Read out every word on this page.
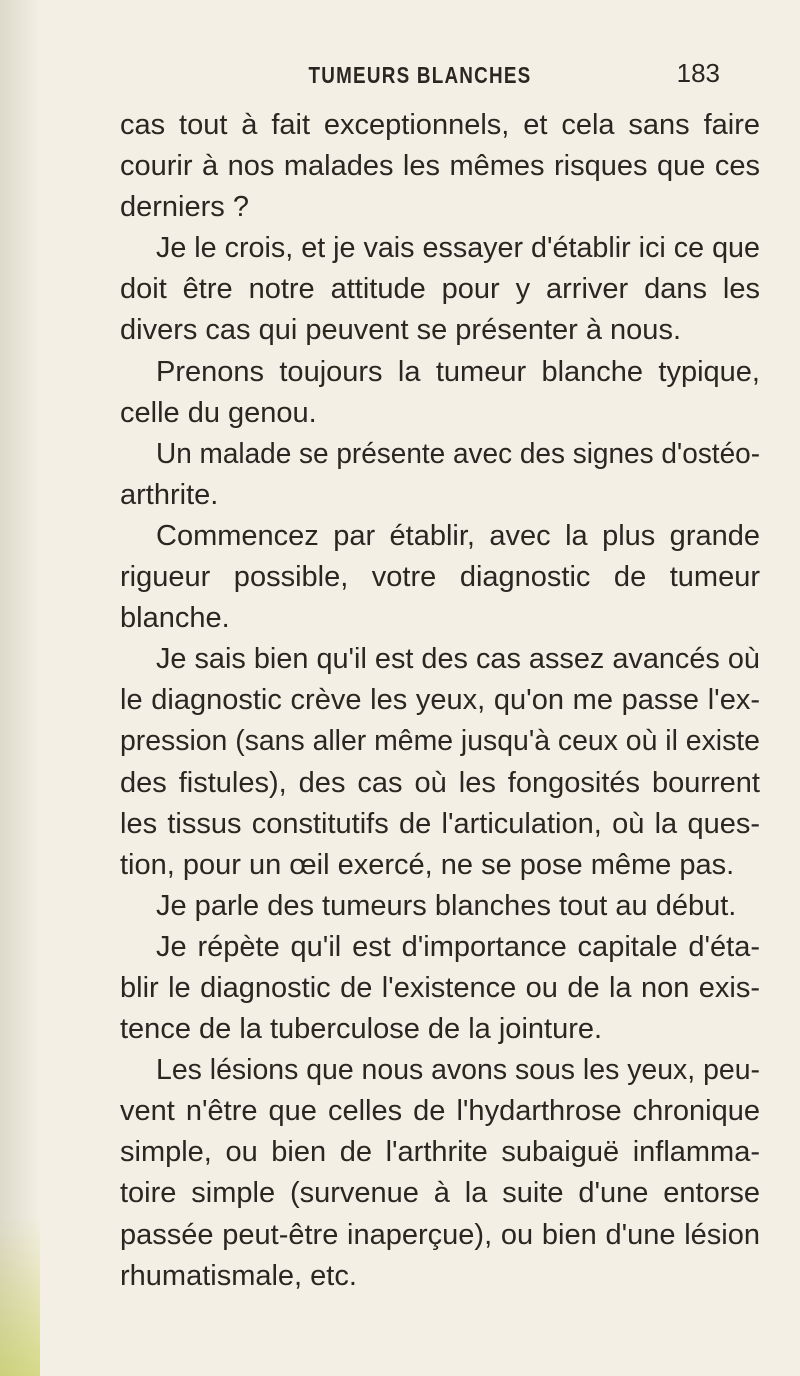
TUMEURS BLANCHES	183
cas tout à fait exceptionnels, et cela sans faire
courir à nos malades les mêmes risques que ces
derniers ?
Je le crois, et je vais essayer d'établir ici ce que
doit être notre attitude pour y arriver dans les
divers cas qui peuvent se présenter à nous.
Prenons toujours la tumeur blanche typique,
celle du genou.
Un malade se présente avec des signes d'ostéo-
arthrite.
Commencez par établir, avec la plus grande
rigueur possible, votre diagnostic de tumeur
blanche.
Je sais bien qu'il est des cas assez avancés où
le diagnostic crève les yeux, qu'on me passe l'ex-
pression (sans aller même jusqu'à ceux où il existe
des fistules), des cas où les fongosités bourrent
les tissus constitutifs de l'articulation, où la ques-
tion, pour un œil exercé, ne se pose même pas.
Je parle des tumeurs blanches tout au début.
Je répète qu'il est d'importance capitale d'éta-
blir le diagnostic de l'existence ou de la non exis-
tence de la tuberculose de la jointure.
Les lésions que nous avons sous les yeux, peu-
vent n'être que celles de l'hydarthrose chronique
simple, ou bien de l'arthrite subaiguë inflamma-
toire simple (survenue à la suite d'une entorse
passée peut-être inaperçue), ou bien d'une lésion
rhumatismale, etc.
